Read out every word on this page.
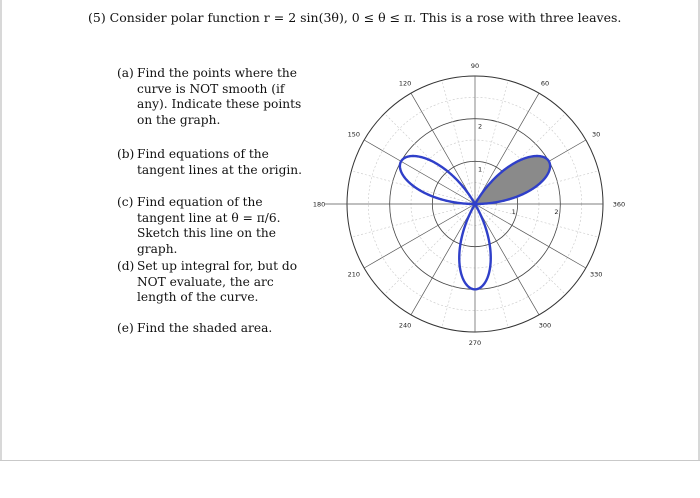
(5) Consider polar function r = 2 sin(3θ), 0 ≤ θ ≤ π. This is a rose with three leaves.
(a) Find the points where the curve is NOT smooth (if any). Indicate these points on the graph.
(b) Find equations of the tangent lines at the origin.
(c) Find equation of the tangent line at θ = π/6. Sketch this line on the graph.
(d) Set up integral for, but do NOT evaluate, the arc length of the curve.
(e) Find the shaded area.
360
30
60
90
120
150
180
210
240
270
300
330
1
1
2
2
